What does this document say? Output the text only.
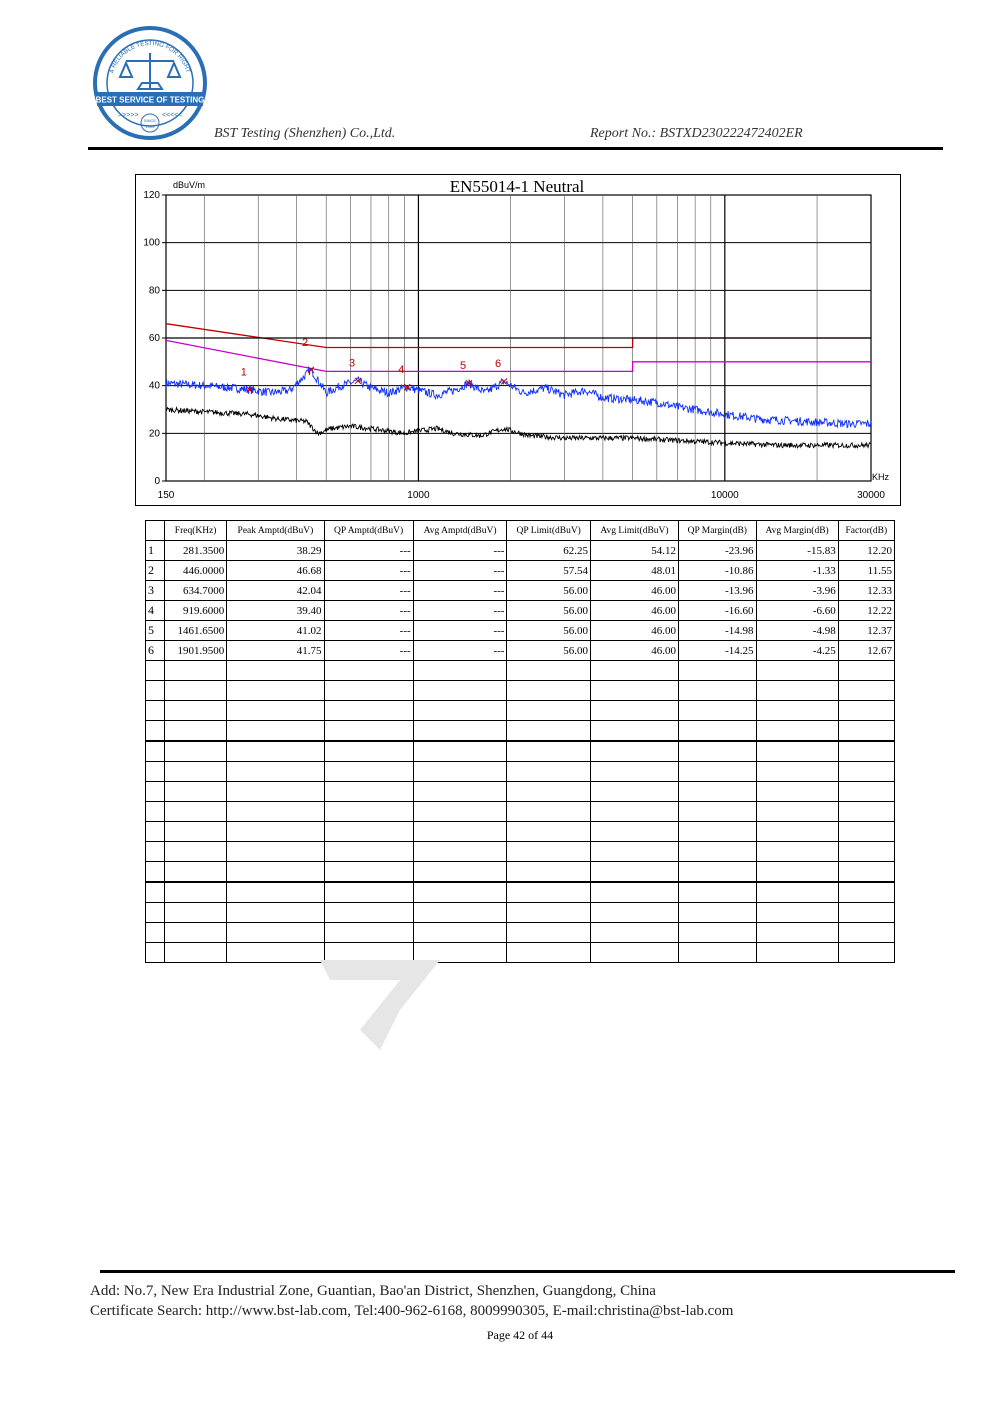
A RELIABLE TESTING FOR RIGHT
BEST SERVICE OF TESTING
>>>>>	<<<<<
SINCE
2005	BST Testing (Shenzhen) Co.,Ltd.	Report No.: BSTXD230222472402ER
1
2
3
4	5	6
0
20
40
60
80
100
120
150	1000	10000	30000
EN55014-1 Neutral
dBuV/m
KHz
	Freq(KHz)	Peak Amptd(dBuV)	QP Amptd(dBuV)	Avg Amptd(dBuV)	QP Limit(dBuV)	Avg Limit(dBuV)	QP Margin(dB)	Avg Margin(dB)	Factor(dB)
1	281.3500	38.29	---	---	62.25	54.12	-23.96	-15.83	12.20
2	446.0000	46.68	---	---	57.54	48.01	-10.86	-1.33	11.55
3	634.7000	42.04	---	---	56.00	46.00	-13.96	-3.96	12.33
4	919.6000	39.40	---	---	56.00	46.00	-16.60	-6.60	12.22
5	1461.6500	41.02	---	---	56.00	46.00	-14.98	-4.98	12.37
6	1901.9500	41.75	---	---	56.00	46.00	-14.25	-4.25	12.67

Add: No.7, New Era Industrial Zone, Guantian, Bao'an District, Shenzhen, Guangdong, China
Certificate Search: http://www.bst-lab.com, Tel:400-962-6168, 8009990305, E-mail:christina@bst-lab.com
Page 42 of 44
